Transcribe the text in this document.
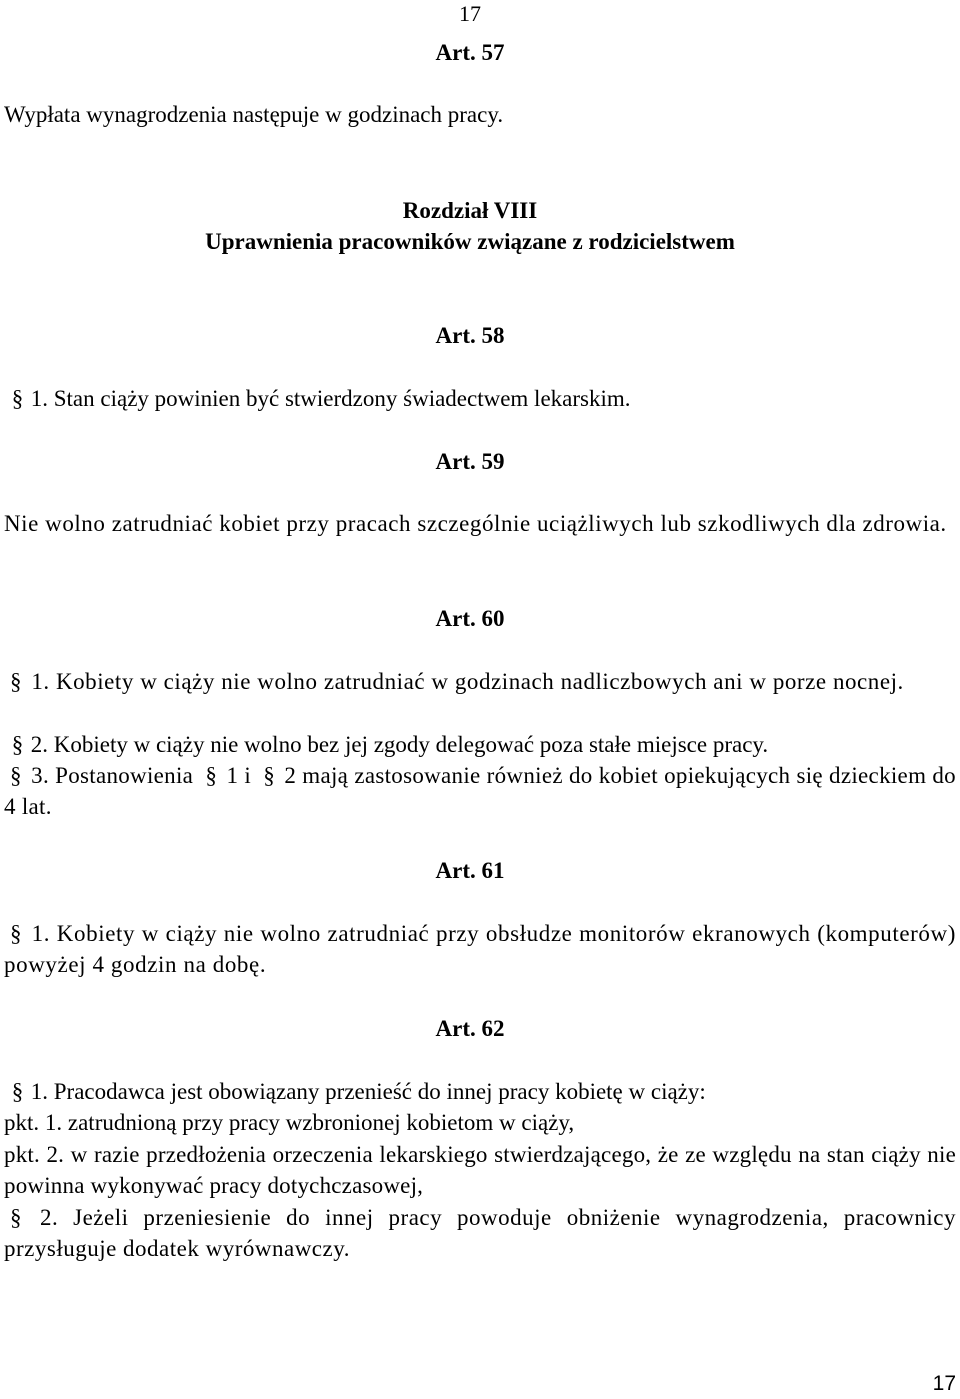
17
Art. 57
Wypłata wynagrodzenia następuje w godzinach pracy.
Rozdział VIII
Uprawnienia pracowników związane z rodzicielstwem
Art. 58
§ 1. Stan ciąży powinien być stwierdzony świadectwem lekarskim.
Art. 59
Nie wolno zatrudniać kobiet przy pracach szczególnie uciążliwych lub szkodliwych dla zdrowia.
Art. 60
§ 1. Kobiety w ciąży nie wolno zatrudniać w godzinach nadliczbowych ani w porze nocnej.
§ 2. Kobiety w ciąży nie wolno bez jej zgody delegować poza stałe miejsce pracy.
§ 3. Postanowienia § 1 i § 2 mają zastosowanie również do kobiet opiekujących się dzieckiem do 4 lat.
Art. 61
§ 1. Kobiety w ciąży nie wolno zatrudniać przy obsłudze monitorów ekranowych (komputerów) powyżej 4 godzin na dobę.
Art. 62
§ 1. Pracodawca jest obowiązany przenieść do innej pracy kobietę w ciąży:
pkt. 1. zatrudnioną przy pracy wzbronionej kobietom w ciąży,
pkt. 2. w razie przedłożenia orzeczenia lekarskiego stwierdzającego, że ze względu na stan ciąży nie powinna wykonywać pracy dotychczasowej,
§ 2. Jeżeli przeniesienie do innej pracy powoduje obniżenie wynagrodzenia, pracownicy przysługuje dodatek wyrównawczy.
17
